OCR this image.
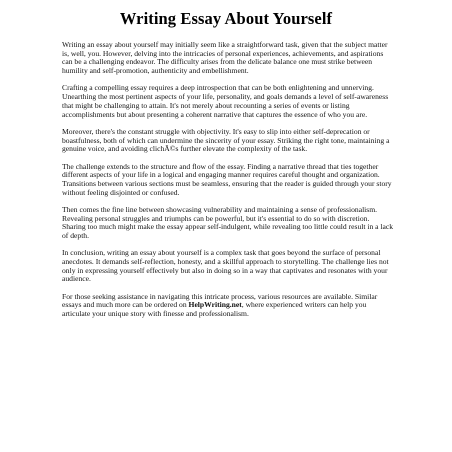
Writing Essay About Yourself

Writing an essay about yourself may initially seem like a straightforward task, given that the subject matter is, well, you. However, delving into the intricacies of personal experiences, achievements, and aspirations can be a challenging endeavor. The difficulty arises from the delicate balance one must strike between humility and self-promotion, authenticity and embellishment.

Crafting a compelling essay requires a deep introspection that can be both enlightening and unnerving. Unearthing the most pertinent aspects of your life, personality, and goals demands a level of self-awareness that might be challenging to attain. It's not merely about recounting a series of events or listing accomplishments but about presenting a coherent narrative that captures the essence of who you are.

Moreover, there's the constant struggle with objectivity. It's easy to slip into either self-deprecation or boastfulness, both of which can undermine the sincerity of your essay. Striking the right tone, maintaining a genuine voice, and avoiding clichÃ©s further elevate the complexity of the task.

The challenge extends to the structure and flow of the essay. Finding a narrative thread that ties together different aspects of your life in a logical and engaging manner requires careful thought and organization. Transitions between various sections must be seamless, ensuring that the reader is guided through your story without feeling disjointed or confused.

Then comes the fine line between showcasing vulnerability and maintaining a sense of professionalism. Revealing personal struggles and triumphs can be powerful, but it's essential to do so with discretion. Sharing too much might make the essay appear self-indulgent, while revealing too little could result in a lack of depth.

In conclusion, writing an essay about yourself is a complex task that goes beyond the surface of personal anecdotes. It demands self-reflection, honesty, and a skillful approach to storytelling. The challenge lies not only in expressing yourself effectively but also in doing so in a way that captivates and resonates with your audience.

For those seeking assistance in navigating this intricate process, various resources are available. Similar essays and much more can be ordered on HelpWriting.net, where experienced writers can help you articulate your unique story with finesse and professionalism.
